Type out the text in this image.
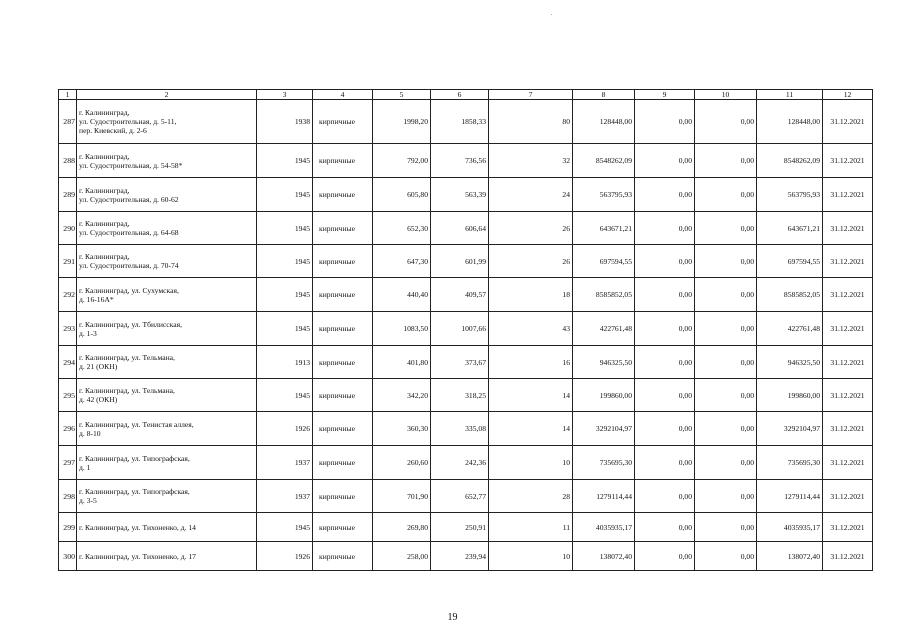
1	2	3	4	5	6	7	8	9	10	11	12
287	г. Калининград,
ул. Судостроительная, д. 5-11,
пер. Киевский, д. 2-6	1938	кирпичные	1998,20	1858,33	80	128448,00	0,00	0,00	128448,00	31.12.2021
288	г. Калининград,
ул. Судостроительная, д. 54-58*	1945	кирпичные	792,00	736,56	32	8548262,09	0,00	0,00	8548262,09	31.12.2021
289	г. Калининград,
ул. Судостроительная, д. 60-62	1945	кирпичные	605,80	563,39	24	563795,93	0,00	0,00	563795,93	31.12.2021
290	г. Калининград,
ул. Судостроительная, д. 64-68	1945	кирпичные	652,30	606,64	26	643671,21	0,00	0,00	643671,21	31.12.2021
291	г. Калининград,
ул. Судостроительная, д. 70-74	1945	кирпичные	647,30	601,99	26	697594,55	0,00	0,00	697594,55	31.12.2021
292	г. Калининград, ул. Сухумская,
д. 16-16А*	1945	кирпичные	440,40	409,57	18	8585852,05	0,00	0,00	8585852,05	31.12.2021
293	г. Калининград, ул. Тбилисская,
д. 1-3	1945	кирпичные	1083,50	1007,66	43	422761,48	0,00	0,00	422761,48	31.12.2021
294	г. Калининград, ул. Тельмана,
д. 21 (ОКН)	1913	кирпичные	401,80	373,67	16	946325,50	0,00	0,00	946325,50	31.12.2021
295	г. Калининград, ул. Тельмана,
д. 42 (ОКН)	1945	кирпичные	342,20	318,25	14	199860,00	0,00	0,00	199860,00	31.12.2021
296	г. Калининград, ул. Тенистая аллея,
д. 8-10	1926	кирпичные	360,30	335,08	14	3292104,97	0,00	0,00	3292104,97	31.12.2021
297	г. Калининград, ул. Типографская,
д. 1	1937	кирпичные	260,60	242,36	10	735695,30	0,00	0,00	735695,30	31.12.2021
298	г. Калининград, ул. Типографская,
д. 3-5	1937	кирпичные	701,90	652,77	28	1279114,44	0,00	0,00	1279114,44	31.12.2021
299	г. Калининград, ул. Тихоненко, д. 14	1945	кирпичные	269,80	250,91	11	4035935,17	0,00	0,00	4035935,17	31.12.2021
300	г. Калининград, ул. Тихоненко, д. 17	1926	кирпичные	258,00	239,94	10	138072,40	0,00	0,00	138072,40	31.12.2021
19
